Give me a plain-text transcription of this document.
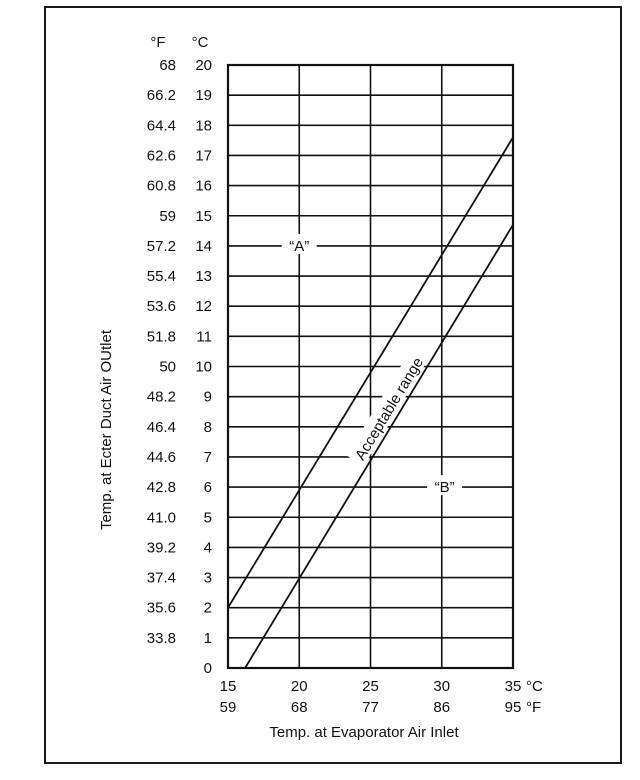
0
1
33.8
2
35.6
3
37.4
4
39.2
5
41.0
6
42.8
7
44.6
8
46.4
9
48.2
10
50
11
51.8
12
53.6
13
55.4
14
57.2
15
59
16
60.8
17
62.6
18
64.4
19
66.2
20
68
°F °C
15
59
20
68
25
77
30
86
35
95
°C
°F
Temp. at Evaporator Air Inlet
Temp. at Ecter Duct Air OUtlet
“A”
“B”
Acceptable range
